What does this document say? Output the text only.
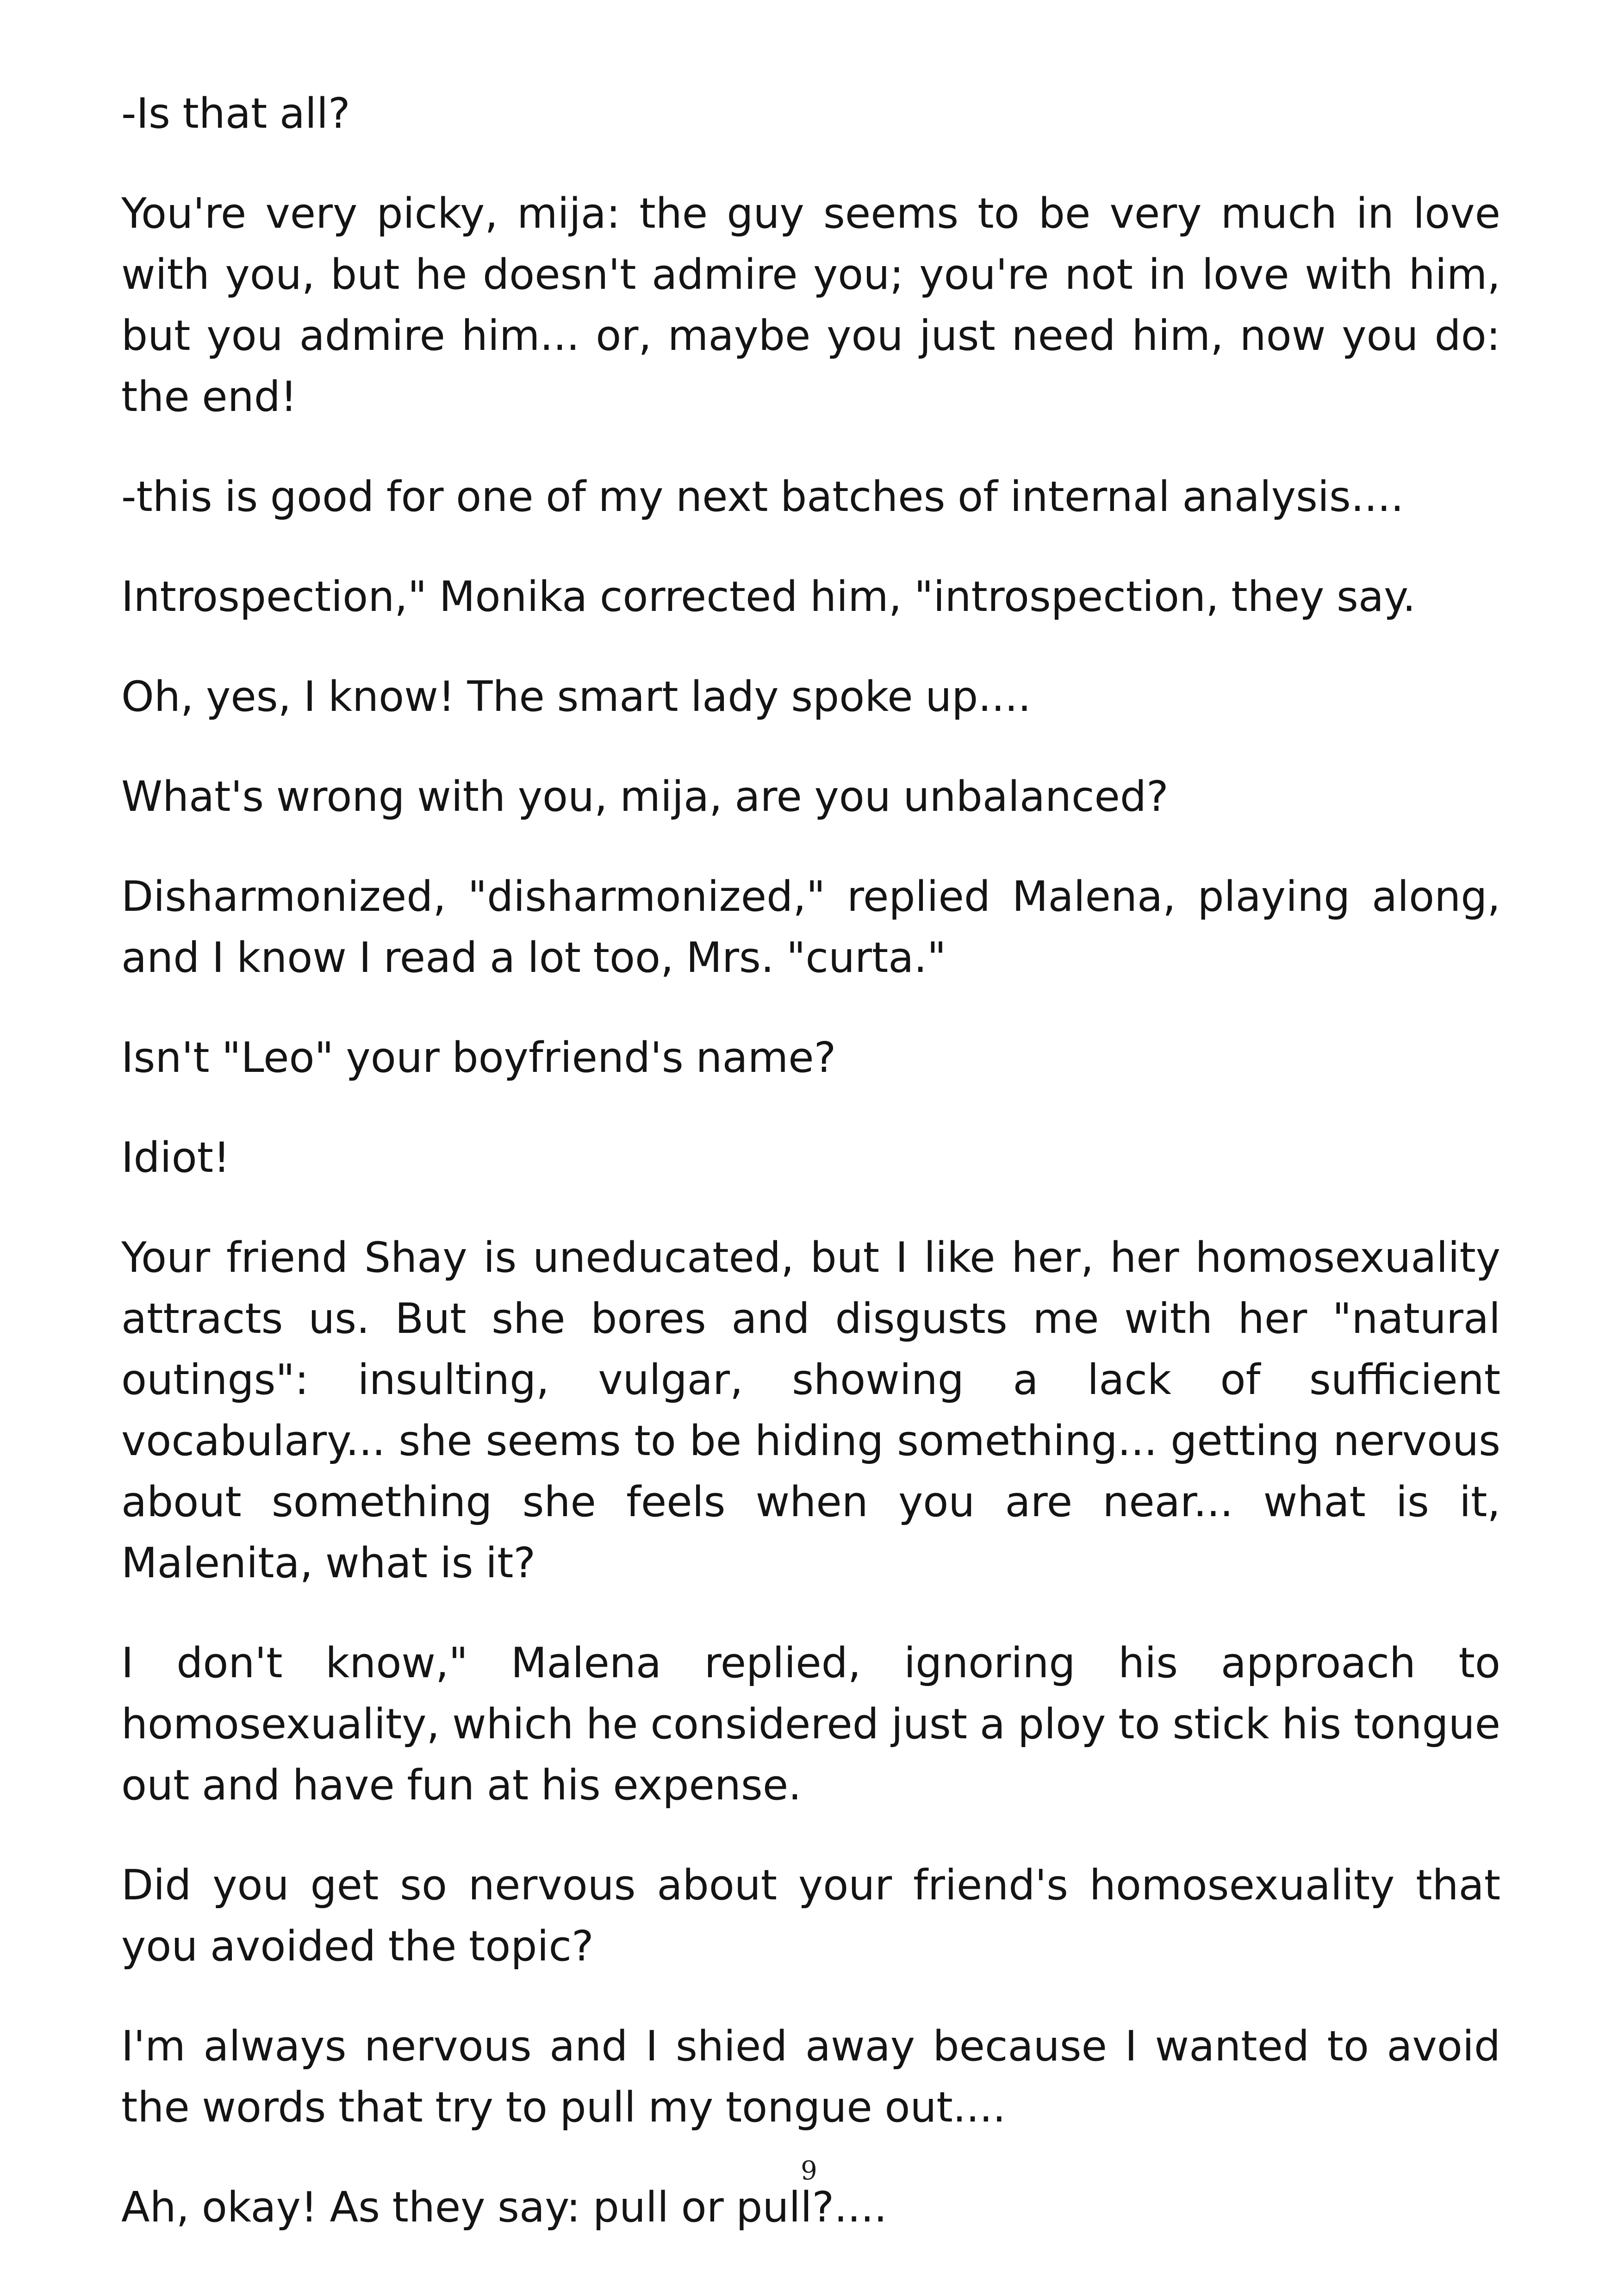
-Is that all?

You're very picky, mija: the guy seems to be very much in love with you, but he doesn't admire you; you're not in love with him, but you admire him... or, maybe you just need him, now you do: the end!

-this is good for one of my next batches of internal analysis....

Introspection," Monika corrected him, "introspection, they say.

Oh, yes, I know! The smart lady spoke up....

What's wrong with you, mija, are you unbalanced?

Disharmonized, "disharmonized," replied Malena, playing along, and I know I read a lot too, Mrs. "curta."

Isn't "Leo" your boyfriend's name?

Idiot!

Your friend Shay is uneducated, but I like her, her homosexuality attracts us. But she bores and disgusts me with her "natural outings": insulting, vulgar, showing a lack of sufficient vocabulary... she seems to be hiding something... getting nervous about something she feels when you are near... what is it, Malenita, what is it?

I don't know," Malena replied, ignoring his approach to homosexuality, which he considered just a ploy to stick his tongue out and have fun at his expense.

Did you get so nervous about your friend's homosexuality that you avoided the topic?

I'm always nervous and I shied away because I wanted to avoid the words that try to pull my tongue out....

Ah, okay! As they say: pull or pull?....

9
